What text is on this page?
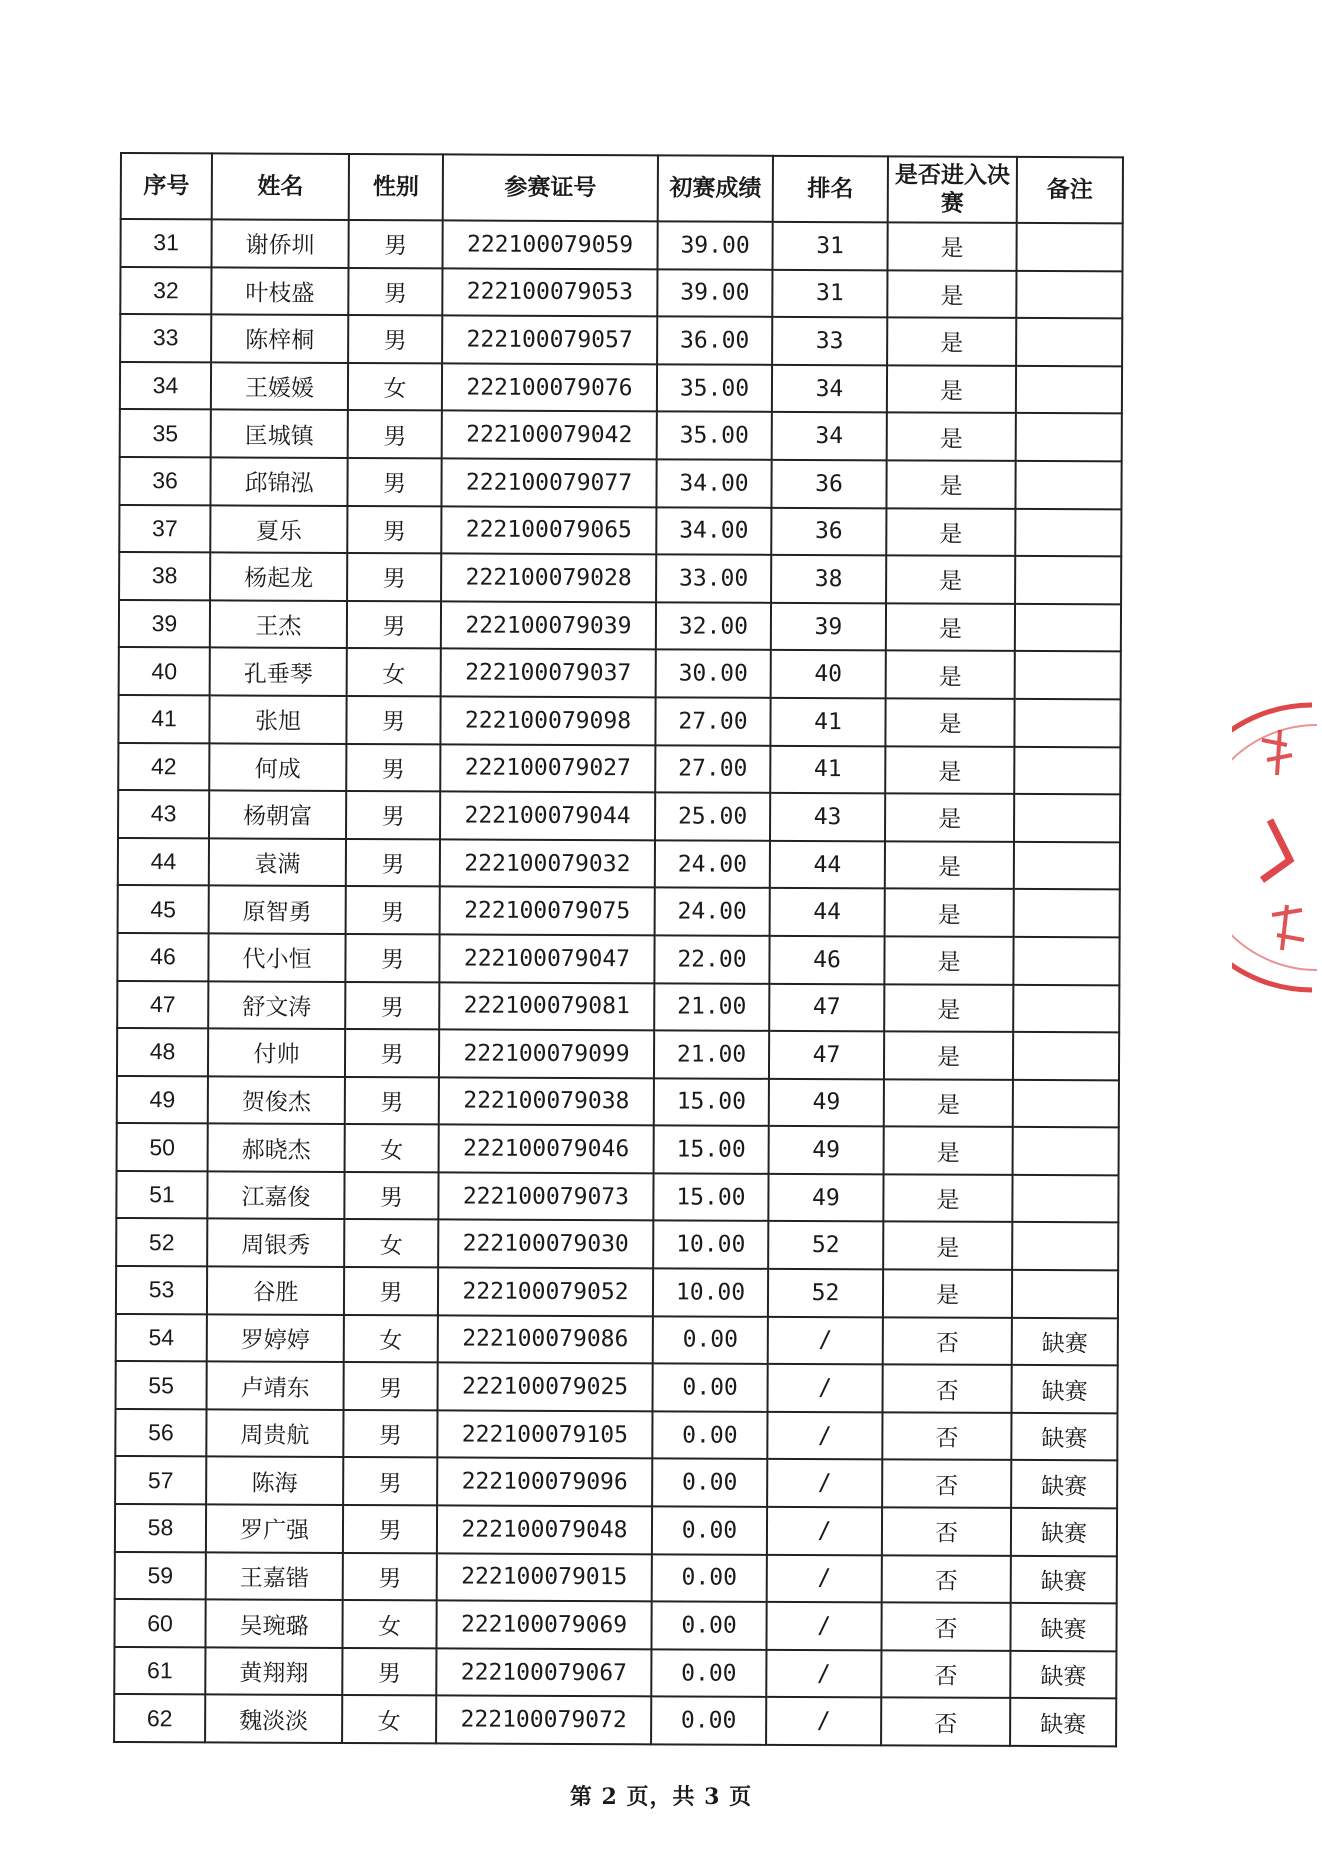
序号	姓名	性别	参赛证号	初赛成绩	排名	是否进入决赛	备注
31	谢侨圳	男	222100079059	39.00	31	是	
32	叶枝盛	男	222100079053	39.00	31	是	
33	陈梓桐	男	222100079057	36.00	33	是	
34	王媛媛	女	222100079076	35.00	34	是	
35	匡城镇	男	222100079042	35.00	34	是	
36	邱锦泓	男	222100079077	34.00	36	是	
37	夏乐	男	222100079065	34.00	36	是	
38	杨起龙	男	222100079028	33.00	38	是	
39	王杰	男	222100079039	32.00	39	是	
40	孔垂琴	女	222100079037	30.00	40	是	
41	张旭	男	222100079098	27.00	41	是	
42	何成	男	222100079027	27.00	41	是	
43	杨朝富	男	222100079044	25.00	43	是	
44	袁满	男	222100079032	24.00	44	是	
45	原智勇	男	222100079075	24.00	44	是	
46	代小恒	男	222100079047	22.00	46	是	
47	舒文涛	男	222100079081	21.00	47	是	
48	付帅	男	222100079099	21.00	47	是	
49	贺俊杰	男	222100079038	15.00	49	是	
50	郝晓杰	女	222100079046	15.00	49	是	
51	江嘉俊	男	222100079073	15.00	49	是	
52	周银秀	女	222100079030	10.00	52	是	
53	谷胜	男	222100079052	10.00	52	是	
54	罗婷婷	女	222100079086	0.00	/	否	缺赛
55	卢靖东	男	222100079025	0.00	/	否	缺赛
56	周贵航	男	222100079105	0.00	/	否	缺赛
57	陈海	男	222100079096	0.00	/	否	缺赛
58	罗广强	男	222100079048	0.00	/	否	缺赛
59	王嘉锴	男	222100079015	0.00	/	否	缺赛
60	吴琬璐	女	222100079069	0.00	/	否	缺赛
61	黄翔翔	男	222100079067	0.00	/	否	缺赛
62	魏淡淡	女	222100079072	0.00	/	否	缺赛
第 2 页，共 3 页
